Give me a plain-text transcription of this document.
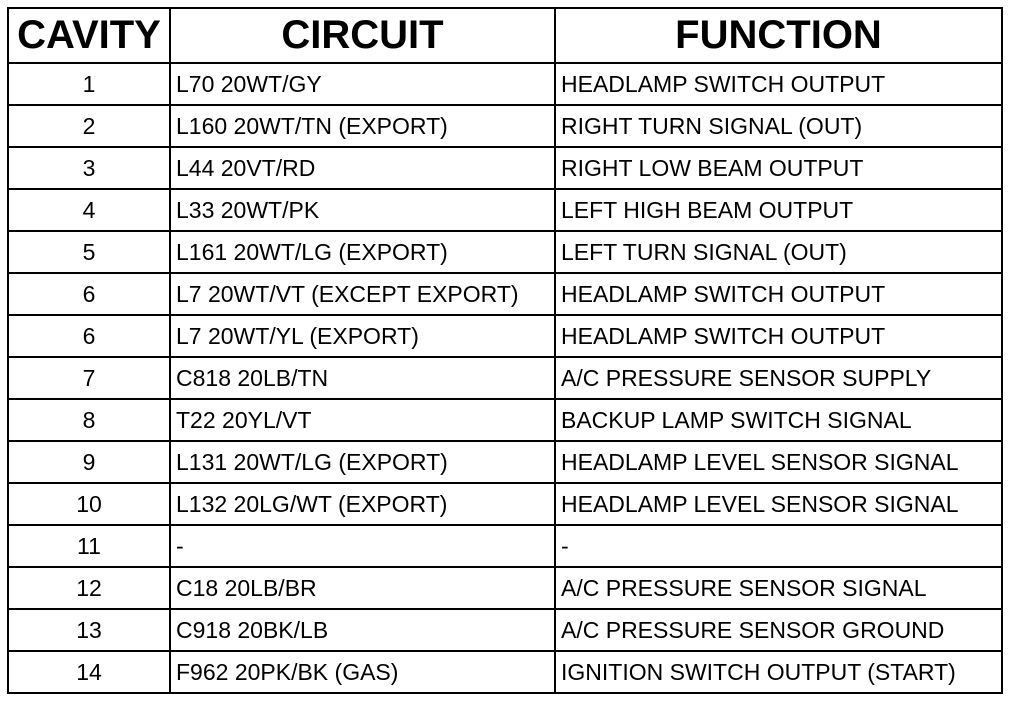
CAVITY	CIRCUIT	FUNCTION
1	L70 20WT/GY	HEADLAMP SWITCH OUTPUT
2	L160 20WT/TN (EXPORT)	RIGHT TURN SIGNAL (OUT)
3	L44 20VT/RD	RIGHT LOW BEAM OUTPUT
4	L33 20WT/PK	LEFT HIGH BEAM OUTPUT
5	L161 20WT/LG (EXPORT)	LEFT TURN SIGNAL (OUT)
6	L7 20WT/VT (EXCEPT EXPORT)	HEADLAMP SWITCH OUTPUT
6	L7 20WT/YL (EXPORT)	HEADLAMP SWITCH OUTPUT
7	C818 20LB/TN	A/C PRESSURE SENSOR SUPPLY
8	T22 20YL/VT	BACKUP LAMP SWITCH SIGNAL
9	L131 20WT/LG (EXPORT)	HEADLAMP LEVEL SENSOR SIGNAL
10	L132 20LG/WT (EXPORT)	HEADLAMP LEVEL SENSOR SIGNAL
11	-	-
12	C18 20LB/BR	A/C PRESSURE SENSOR SIGNAL
13	C918 20BK/LB	A/C PRESSURE SENSOR GROUND
14	F962 20PK/BK (GAS)	IGNITION SWITCH OUTPUT (START)
